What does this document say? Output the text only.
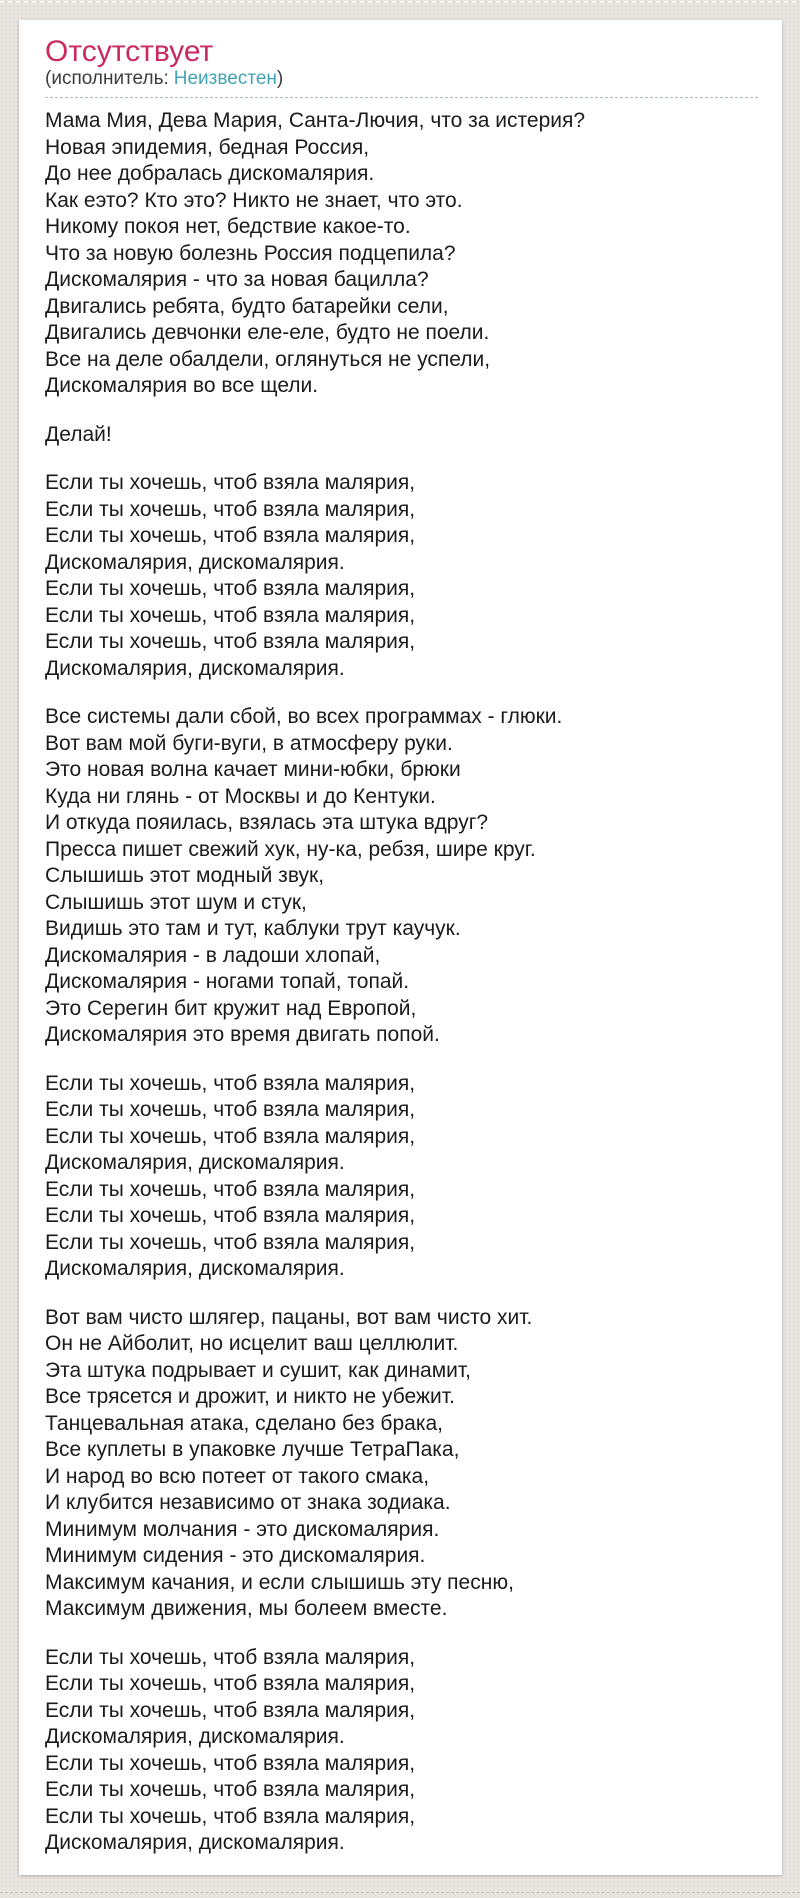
Отсутствует
(исполнитель: Неизвестен)
Мама Мия, Дева Мария, Санта-Лючия, что за истерия?
Новая эпидемия, бедная Россия,
До нее добралась дискомалярия.
Как еэто? Кто это? Никто не знает, что это.
Никому покоя нет, бедствие какое-то.
Что за новую болезнь Россия подцепила?
Дискомалярия - что за новая бацилла?
Двигались ребята, будто батарейки сели,
Двигались девчонки еле-еле, будто не поели.
Все на деле обалдели, оглянуться не успели,
Дискомалярия во все щели.
Делай!
Если ты хочешь, чтоб взяла малярия,
Если ты хочешь, чтоб взяла малярия,
Если ты хочешь, чтоб взяла малярия,
Дискомалярия, дискомалярия.
Если ты хочешь, чтоб взяла малярия,
Если ты хочешь, чтоб взяла малярия,
Если ты хочешь, чтоб взяла малярия,
Дискомалярия, дискомалярия.
Все системы дали сбой, во всех программах - глюки.
Вот вам мой буги-вуги, в атмосферу руки.
Это новая волна качает мини-юбки, брюки
Куда ни глянь - от Москвы и до Кентуки.
И откуда пояилась, взялась эта штука вдруг?
Пресса пишет свежий хук, ну-ка, ребзя, шире круг.
Слышишь этот модный звук,
Слышишь этот шум и стук,
Видишь это там и тут, каблуки трут каучук.
Дискомалярия - в ладоши хлопай,
Дискомалярия - ногами топай, топай.
Это Серегин бит кружит над Европой,
Дискомалярия это время двигать попой.
Если ты хочешь, чтоб взяла малярия,
Если ты хочешь, чтоб взяла малярия,
Если ты хочешь, чтоб взяла малярия,
Дискомалярия, дискомалярия.
Если ты хочешь, чтоб взяла малярия,
Если ты хочешь, чтоб взяла малярия,
Если ты хочешь, чтоб взяла малярия,
Дискомалярия, дискомалярия.
Вот вам чисто шлягер, пацаны, вот вам чисто хит.
Он не Айболит, но исцелит ваш целлюлит.
Эта штука подрывает и сушит, как динамит,
Все трясется и дрожит, и никто не убежит.
Танцевальная атака, сделано без брака,
Все куплеты в упаковке лучше ТетраПака,
И народ во всю потеет от такого смака,
И клубится независимо от знака зодиака.
Минимум молчания - это дискомалярия.
Минимум сидения - это дискомалярия.
Максимум качания, и если слышишь эту песню,
Максимум движения, мы болеем вместе.
Если ты хочешь, чтоб взяла малярия,
Если ты хочешь, чтоб взяла малярия,
Если ты хочешь, чтоб взяла малярия,
Дискомалярия, дискомалярия.
Если ты хочешь, чтоб взяла малярия,
Если ты хочешь, чтоб взяла малярия,
Если ты хочешь, чтоб взяла малярия,
Дискомалярия, дискомалярия.
